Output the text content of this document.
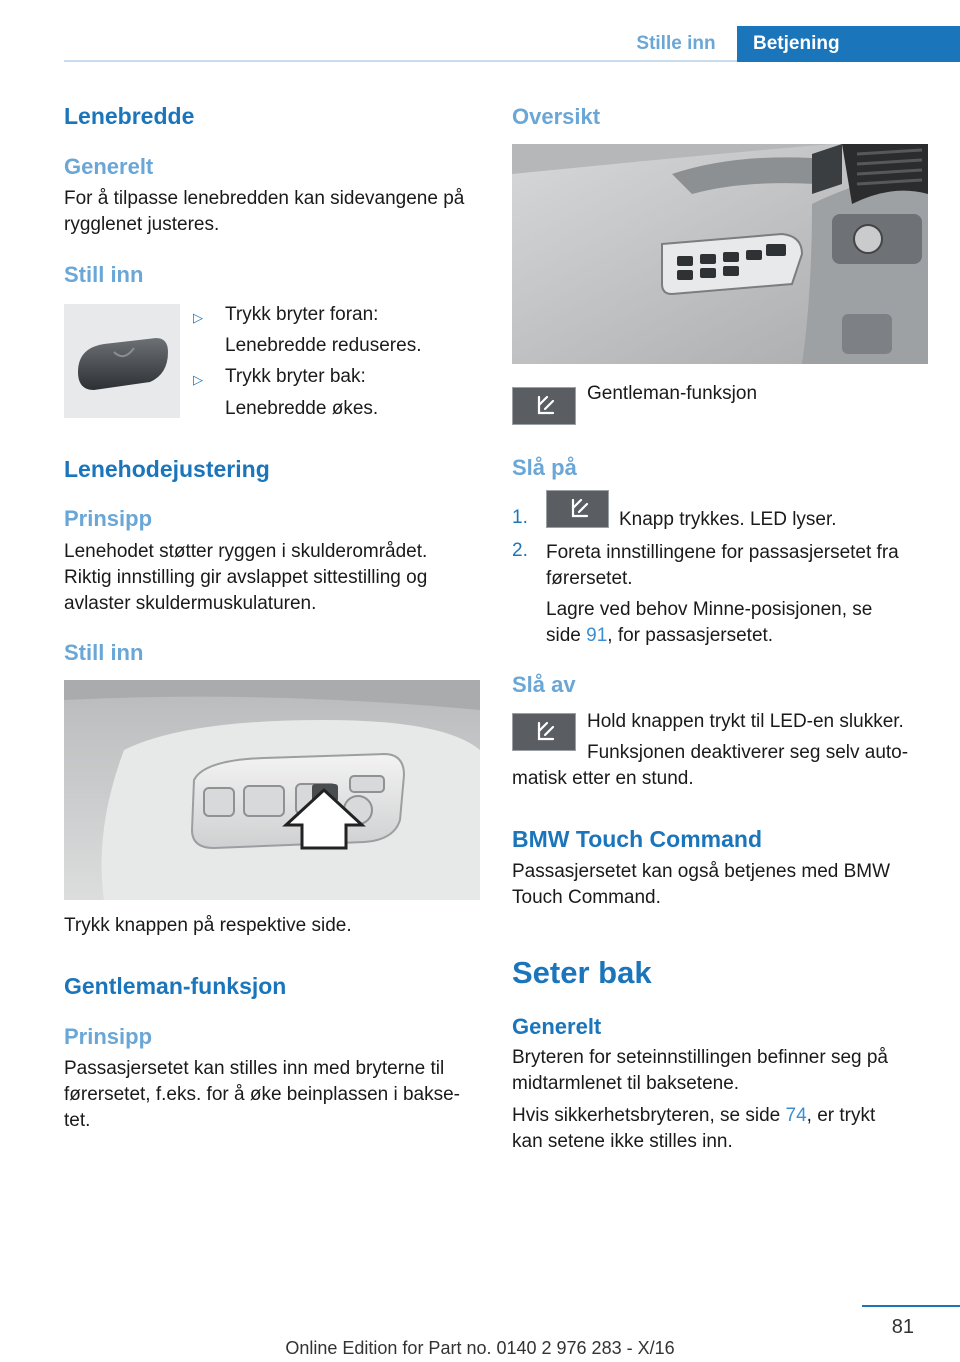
Stille inn	Betjening
Lenebredde
Generelt
For å tilpasse lenebredden kan sidevangene på
rygglenet justeres.
Still inn
▷ Trykk bryter foran:
Lenebredde reduseres.
▷ Trykk bryter bak:
Lenebredde økes.
Lenehodejustering
Prinsipp
Lenehodet støtter ryggen i skulderområdet.
Riktig innstilling gir avslappet sittestilling og
avlaster skuldermuskulaturen.
Still inn
Trykk knappen på respektive side.
Gentleman-funksjon
Prinsipp
Passasjersetet kan stilles inn med bryterne til
førersetet, f.eks. for å øke beinplassen i bakse-
tet.
Oversikt
Gentleman-funksjon
Slå på
1.	Knapp trykkes. LED lyser.
2. Foreta innstillingene for passasjersetet fra
førersetet.
Lagre ved behov Minne-posisjonen, se
side 91, for passasjersetet.
Slå av
Hold knappen trykt til LED-en slukker.
Funksjonen deaktiverer seg selv auto-
matisk etter en stund.
BMW Touch Command
Passasjersetet kan også betjenes med BMW
Touch Command.
Seter bak
Generelt
Bryteren for seteinnstillingen befinner seg på
midtarmlenet til baksetene.
Hvis sikkerhetsbryteren, se side 74, er trykt
kan setene ikke stilles inn.
81
Online Edition for Part no. 0140 2 976 283 - X/16
